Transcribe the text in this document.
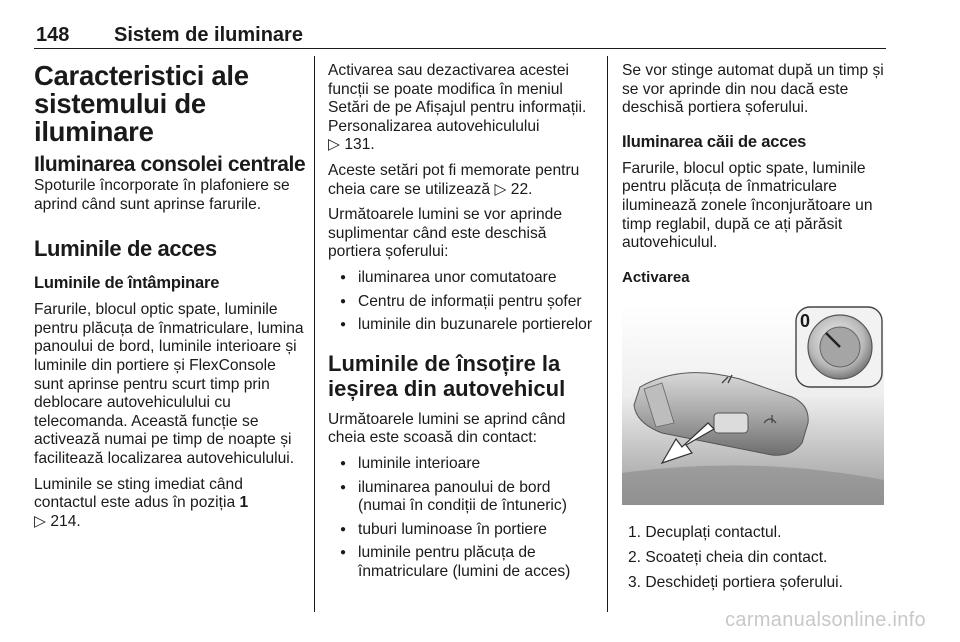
148 Sistem de iluminare
Caracteristici ale sistemului de iluminare
Iluminarea consolei centrale

Spoturile încorporate în plafoniere se aprind când sunt aprinse farurile.

Luminile de acces
Luminile de întâmpinare

Farurile, blocul optic spate, luminile pentru plăcuța de înmatriculare, lumina panoului de bord, luminile interioare și luminile din portiere și FlexConsole sunt aprinse pentru scurt timp prin deblocare autovehiculului cu telecomanda. Această funcție se activează numai pe timp de noapte și facilitează localizarea autovehiculului.

Luminile se sting imediat când contactul este adus în poziția 1
▷ 214.

Activarea sau dezactivarea acestei funcții se poate modifica în meniul Setări de pe Afișajul pentru informații. Personalizarea autovehiculului
▷ 131.

Aceste setări pot fi memorate pentru cheia care se utilizează ▷ 22.

Următoarele lumini se vor aprinde suplimentar când este deschisă portiera șoferului:

● iluminarea unor comutatoare
● Centru de informații pentru șofer
● luminile din buzunarele portierelor
Luminile de însoțire la ieșirea din autovehicul

Următoarele lumini se aprind când cheia este scoasă din contact:

● luminile interioare
● iluminarea panoului de bord (numai în condiții de întuneric)
● tuburi luminoase în portiere
● luminile pentru plăcuța de înmatriculare (lumini de acces)

Se vor stinge automat după un timp și se vor aprinde din nou dacă este deschisă portiera șoferului.

Iluminarea căii de acces

Farurile, blocul optic spate, luminile pentru plăcuța de înmatriculare iluminează zonele înconjurătoare un timp reglabil, după ce ați părăsit autovehiculul.

Activarea
0
1. Decuplați contactul.
2. Scoateți cheia din contact.
3. Deschideți portiera șoferului.
carmanualsonline.info
